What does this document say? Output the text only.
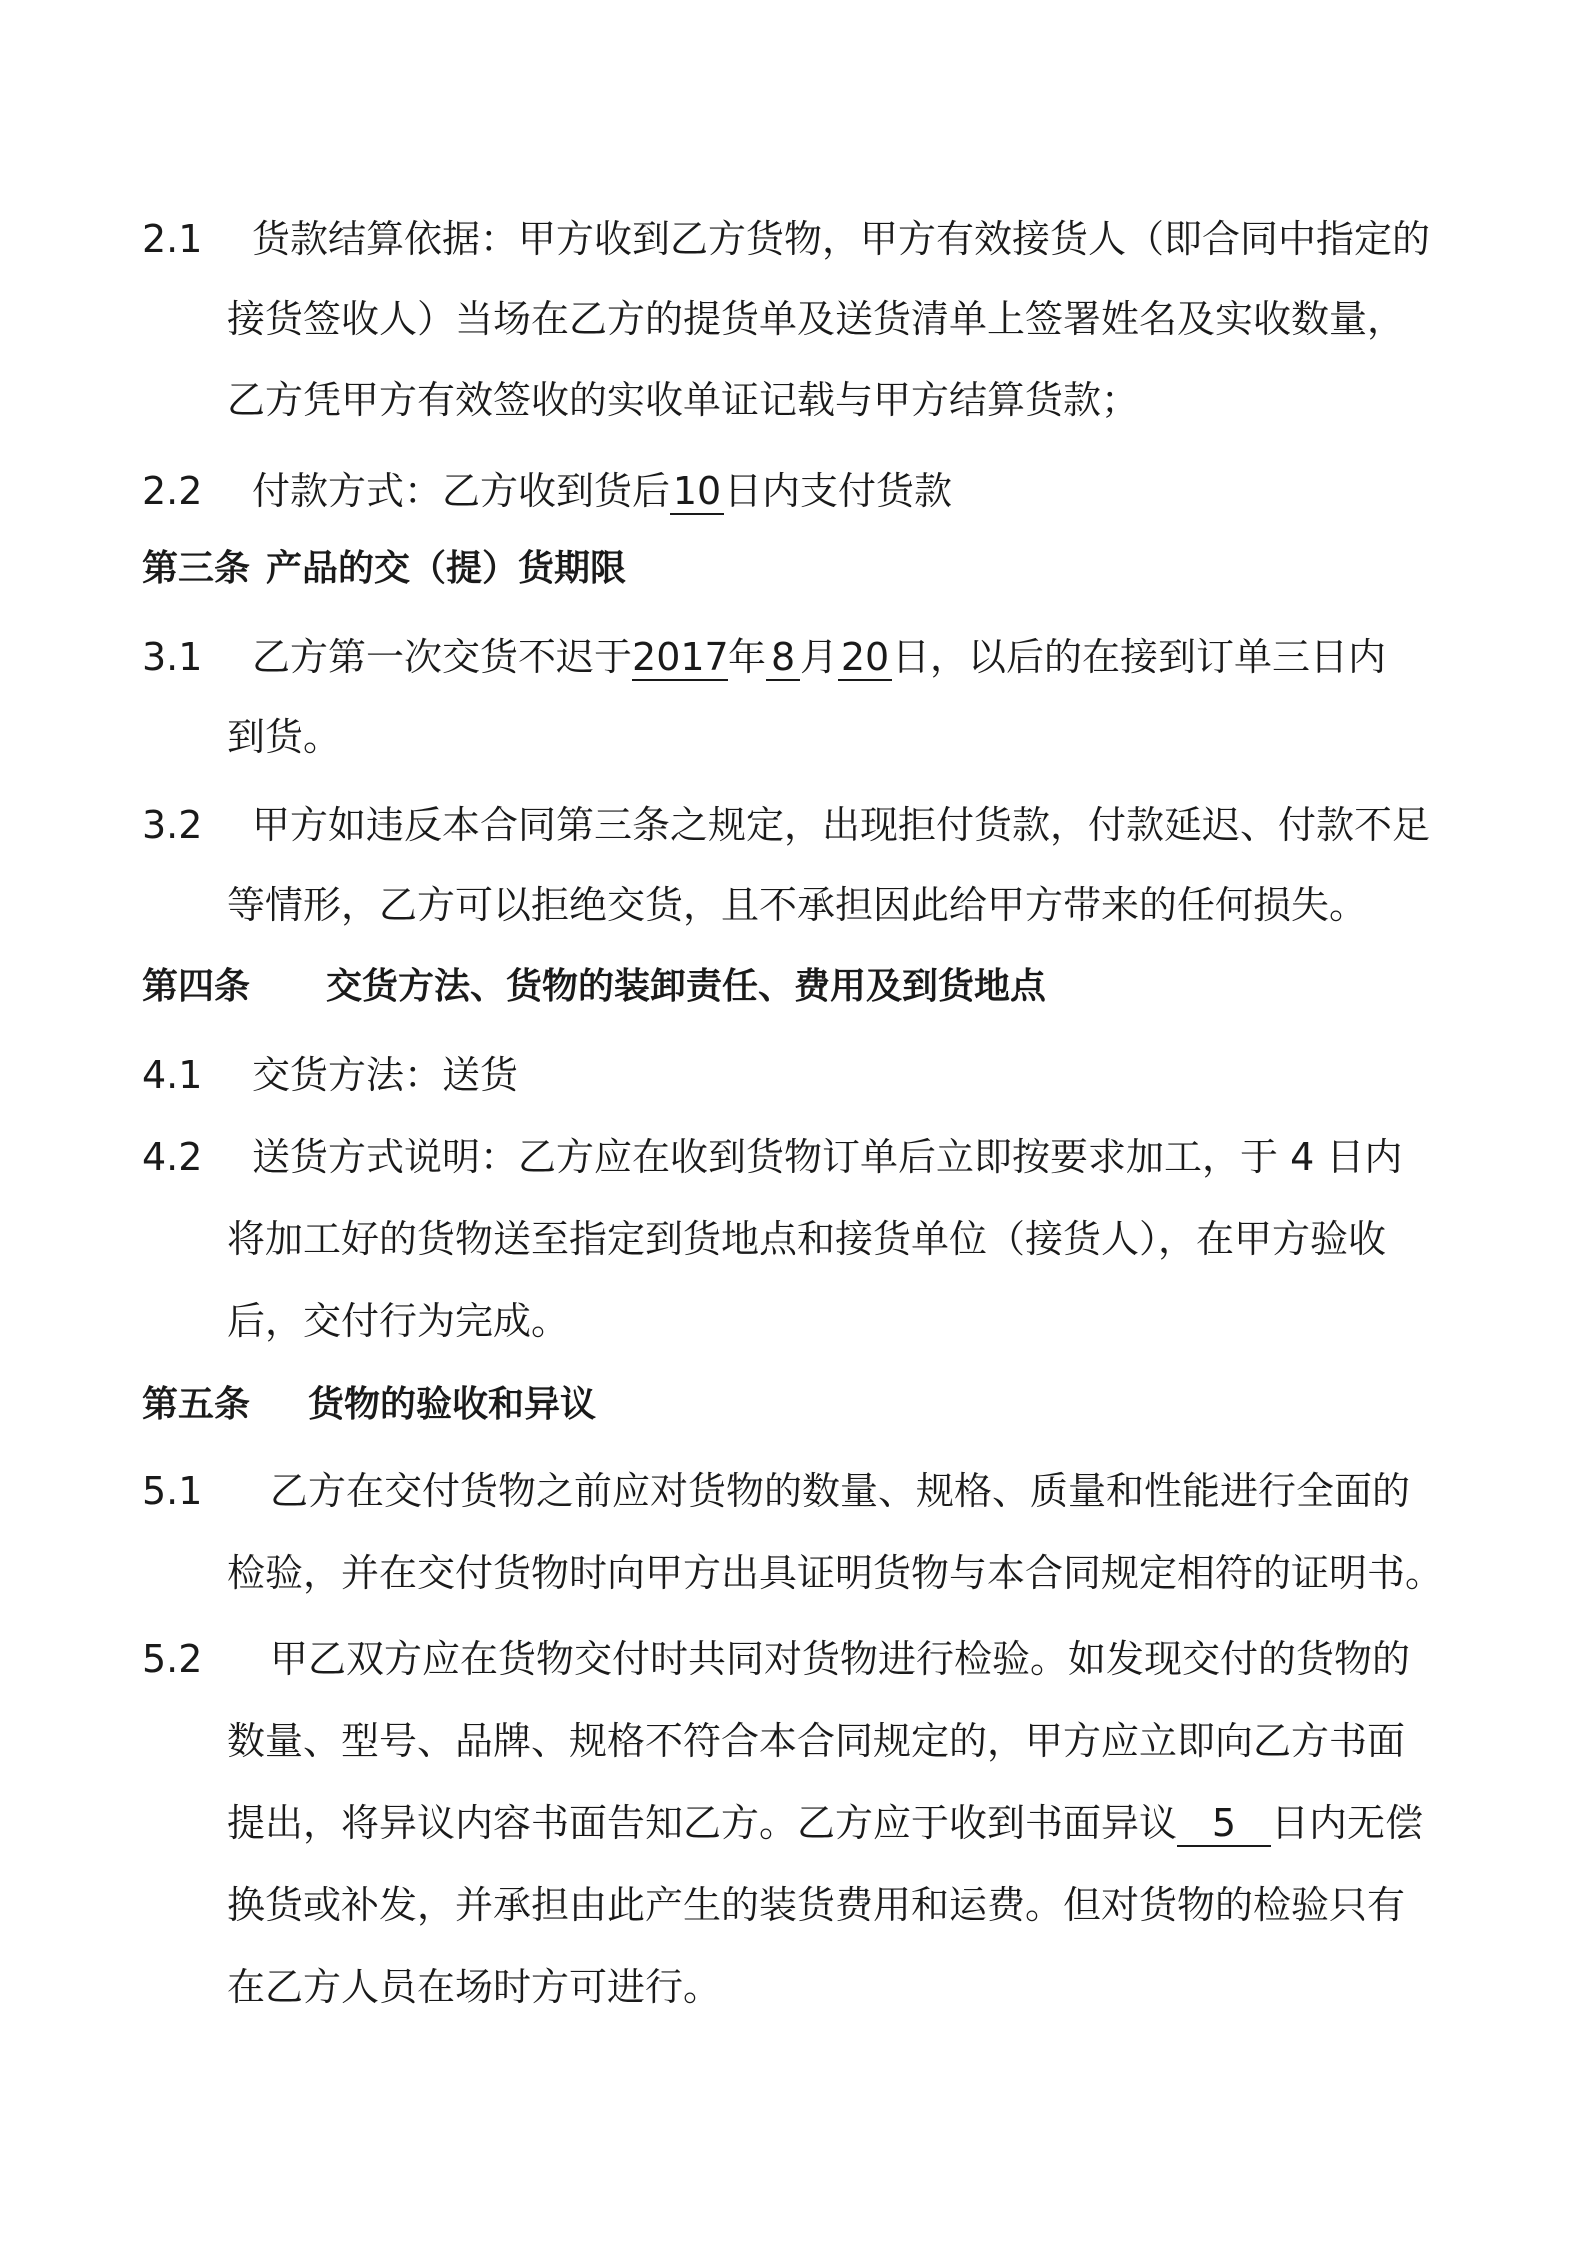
2.1 货款结算依据：甲方收到乙方货物，甲方有效接货人（即合同中指定的
接货签收人）当场在乙方的提货单及送货清单上签署姓名及实收数量，
乙方凭甲方有效签收的实收单证记载与甲方结算货款；
2.2 付款方式：乙方收到货后10日内支付货款
第三条 产品的交（提）货期限
3.1 乙方第一次交货不迟于2017年 8 月20日，以后的在接到订单三日内
到货。
3.2 甲方如违反本合同第三条之规定，出现拒付货款，付款延迟、付款不足
等情形，乙方可以拒绝交货，且不承担因此给甲方带来的任何损失。
第四条 交货方法、货物的装卸责任、费用及到货地点
4.1 交货方法：送货
4.2 送货方式说明：乙方应在收到货物订单后立即按要求加工，于 4 日内
将加工好的货物送至指定到货地点和接货单位（接货人），在甲方验收
后，交付行为完成。
第五条 货物的验收和异议
5.1 乙方在交付货物之前应对货物的数量、规格、质量和性能进行全面的
检验，并在交付货物时向甲方出具证明货物与本合同规定相符的证明书。
5.2 甲乙双方应在货物交付时共同对货物进行检验。如发现交付的货物的
数量、型号、品牌、规格不符合本合同规定的，甲方应立即向乙方书面
提出，将异议内容书面告知乙方。乙方应于收到书面异议 5 日内无偿
换货或补发，并承担由此产生的装货费用和运费。但对货物的检验只有
在乙方人员在场时方可进行。
